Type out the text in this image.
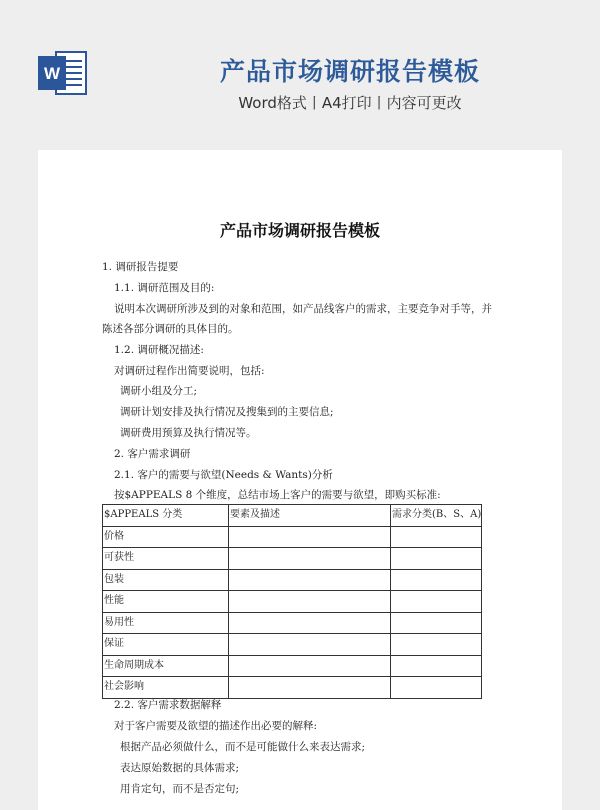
W	产品市场调研报告模板
Word格式丨A4打印丨内容可更改
产品市场调研报告模板
1. 调研报告提要
1.1. 调研范围及目的:
说明本次调研所涉及到的对象和范围，如产品线客户的需求，主要竞争对手等，并
陈述各部分调研的具体目的。
1.2. 调研概况描述:
对调研过程作出简要说明，包括:
调研小组及分工;
调研计划安排及执行情况及搜集到的主要信息;
调研费用预算及执行情况等。
2. 客户需求调研
2.1. 客户的需要与欲望(Needs & Wants)分析
按$APPEALS 8 个维度，总结市场上客户的需要与欲望，即购买标准:
$APPEALS 分类	要素及描述	需求分类(B、S、A)
价格		
可获性		
包装		
性能		
易用性		
保证		
生命周期成本		
社会影响		
2.2. 客户需求数据解释
对于客户需要及欲望的描述作出必要的解释:
根据产品必须做什么，而不是可能做什么来表达需求;
表达原始数据的具体需求;
用肯定句，而不是否定句;
